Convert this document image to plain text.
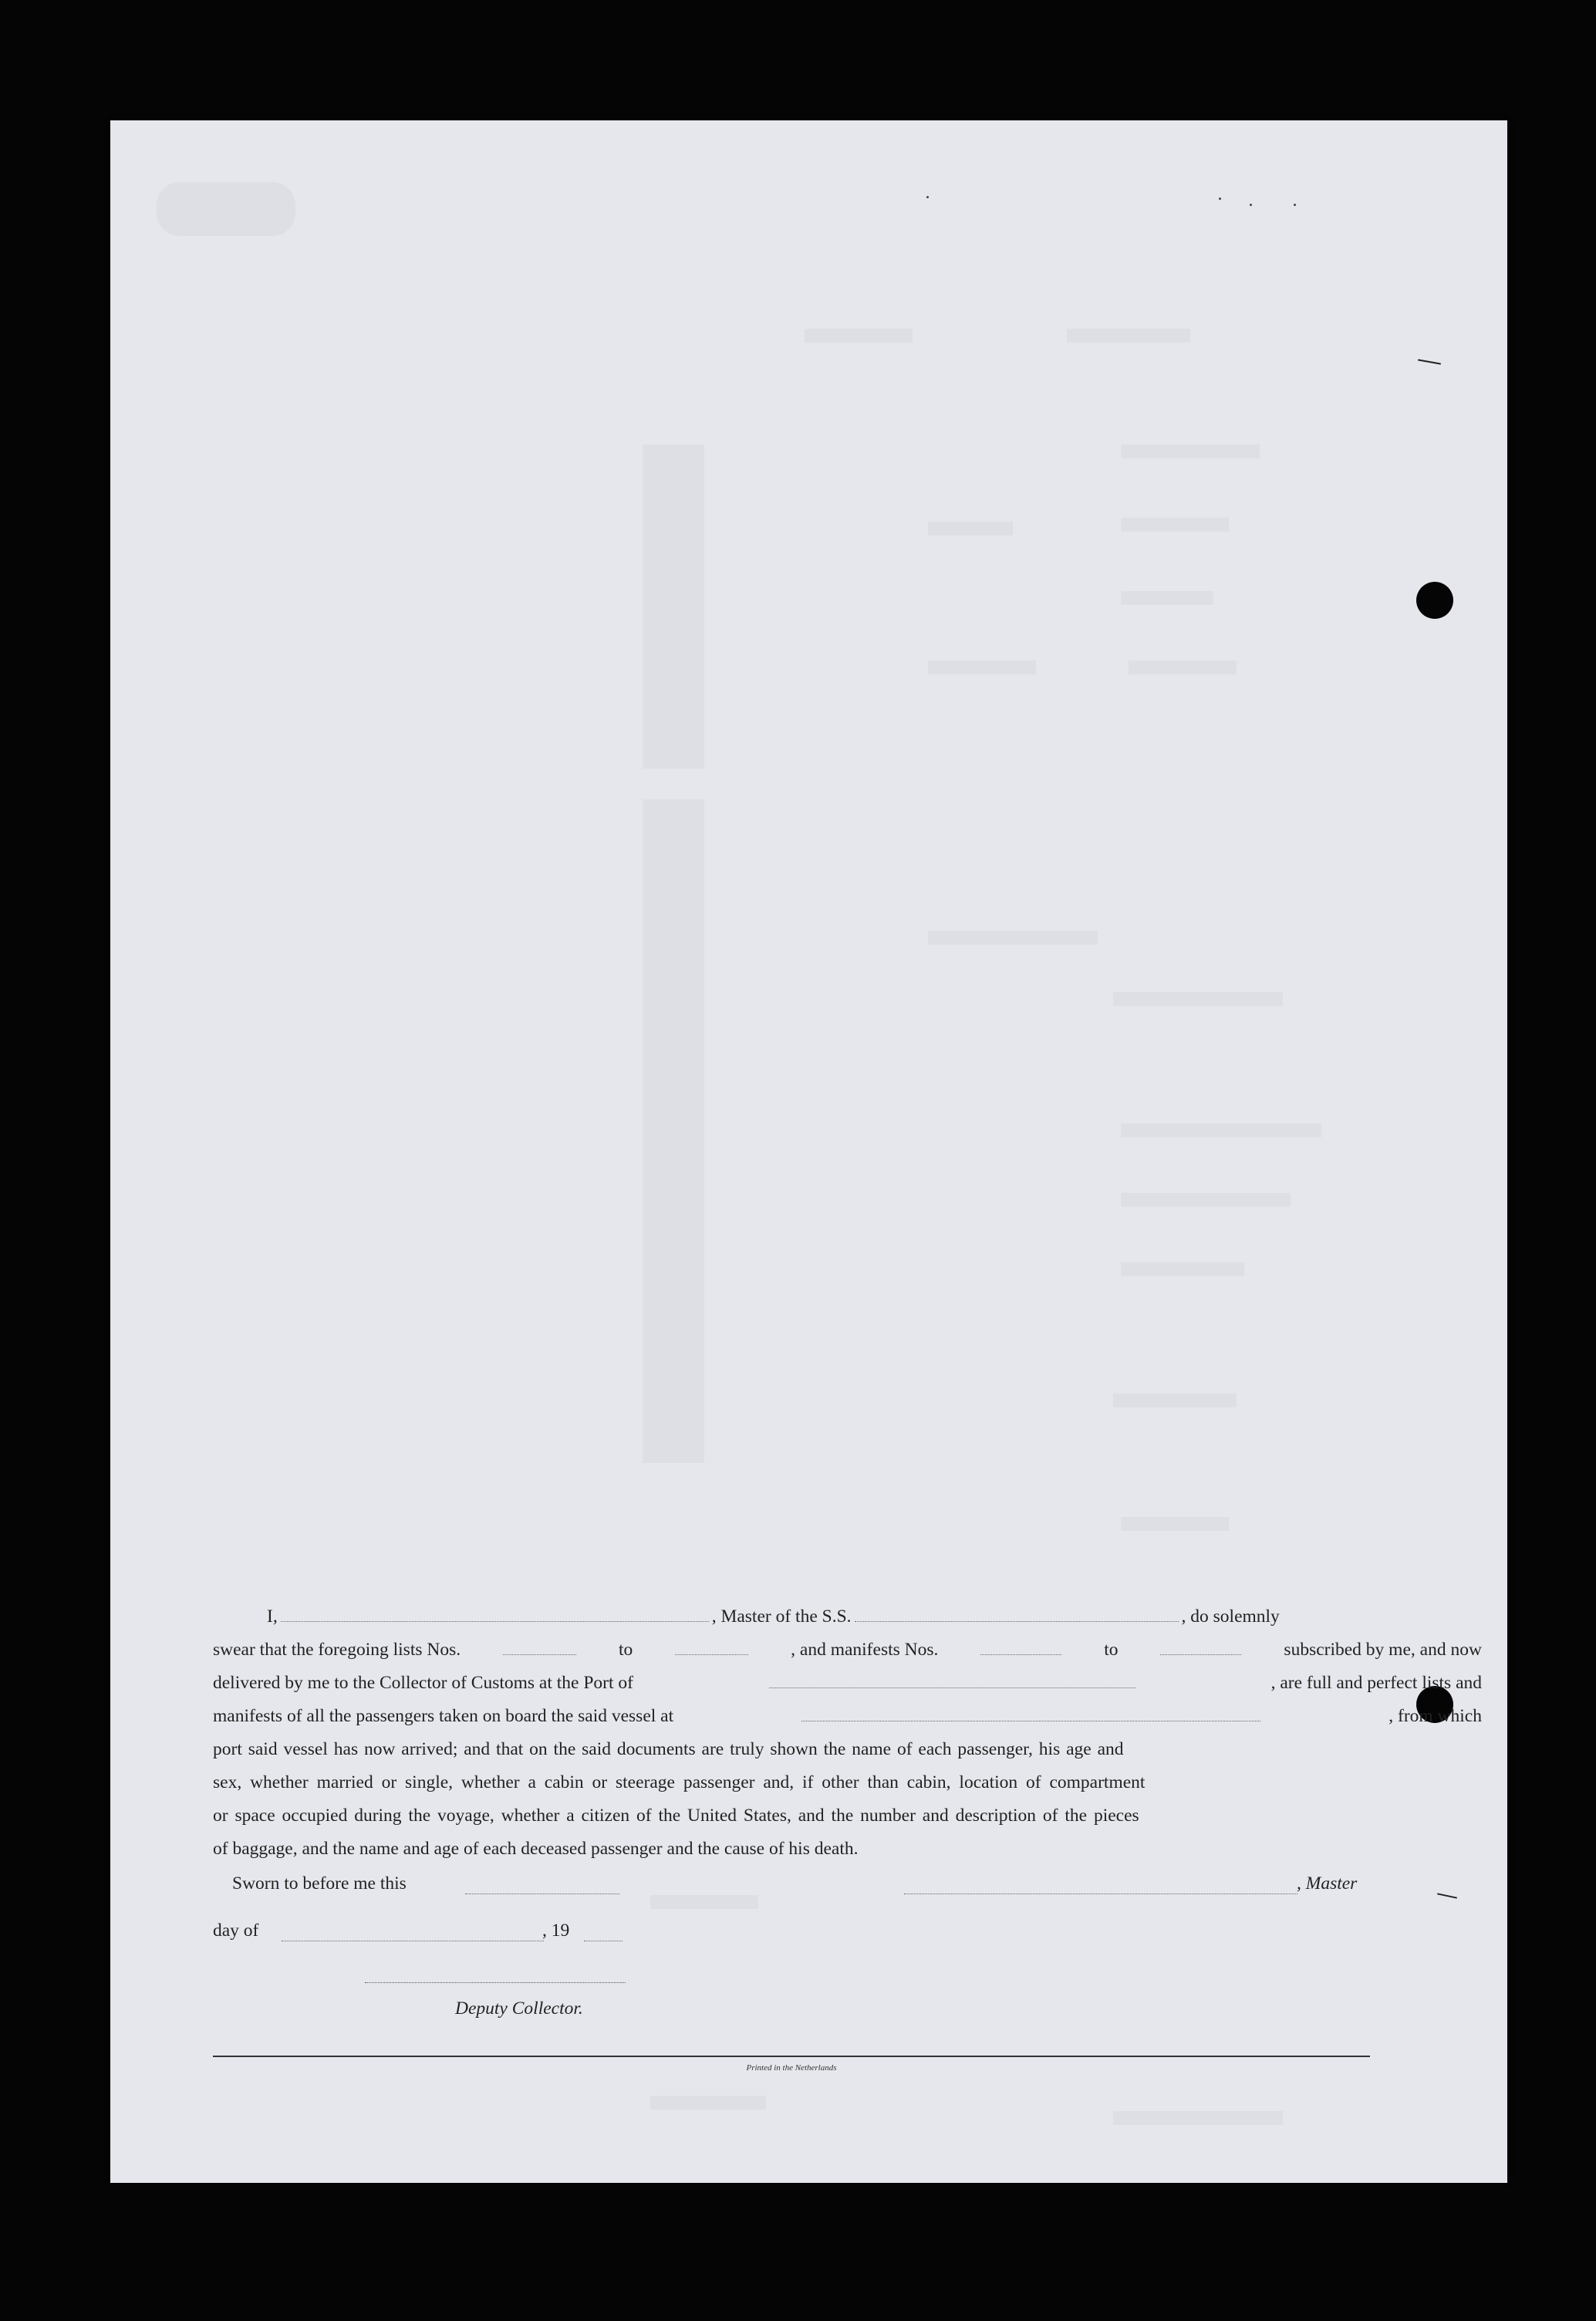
I,	, Master of the S.S.	, do solemnly
swear that the foregoing lists Nos.	to	, and manifests Nos.	to	subscribed by me, and now
delivered by me to the Collector of Customs at the Port of	, are full and perfect lists and
manifests of all the passengers taken on board the said vessel at	, from which
port said vessel has now arrived; and that on the said documents are truly shown the name of each passenger, his age and
sex, whether married or single, whether a cabin or steerage passenger and, if other than cabin, location of compartment
or space occupied during the voyage, whether a citizen of the United States, and the number and description of the pieces
of baggage, and the name and age of each deceased passenger and the cause of his death.
Sworn to before me this	, Master
day of	, 19
Deputy Collector.
Printed in the Netherlands
